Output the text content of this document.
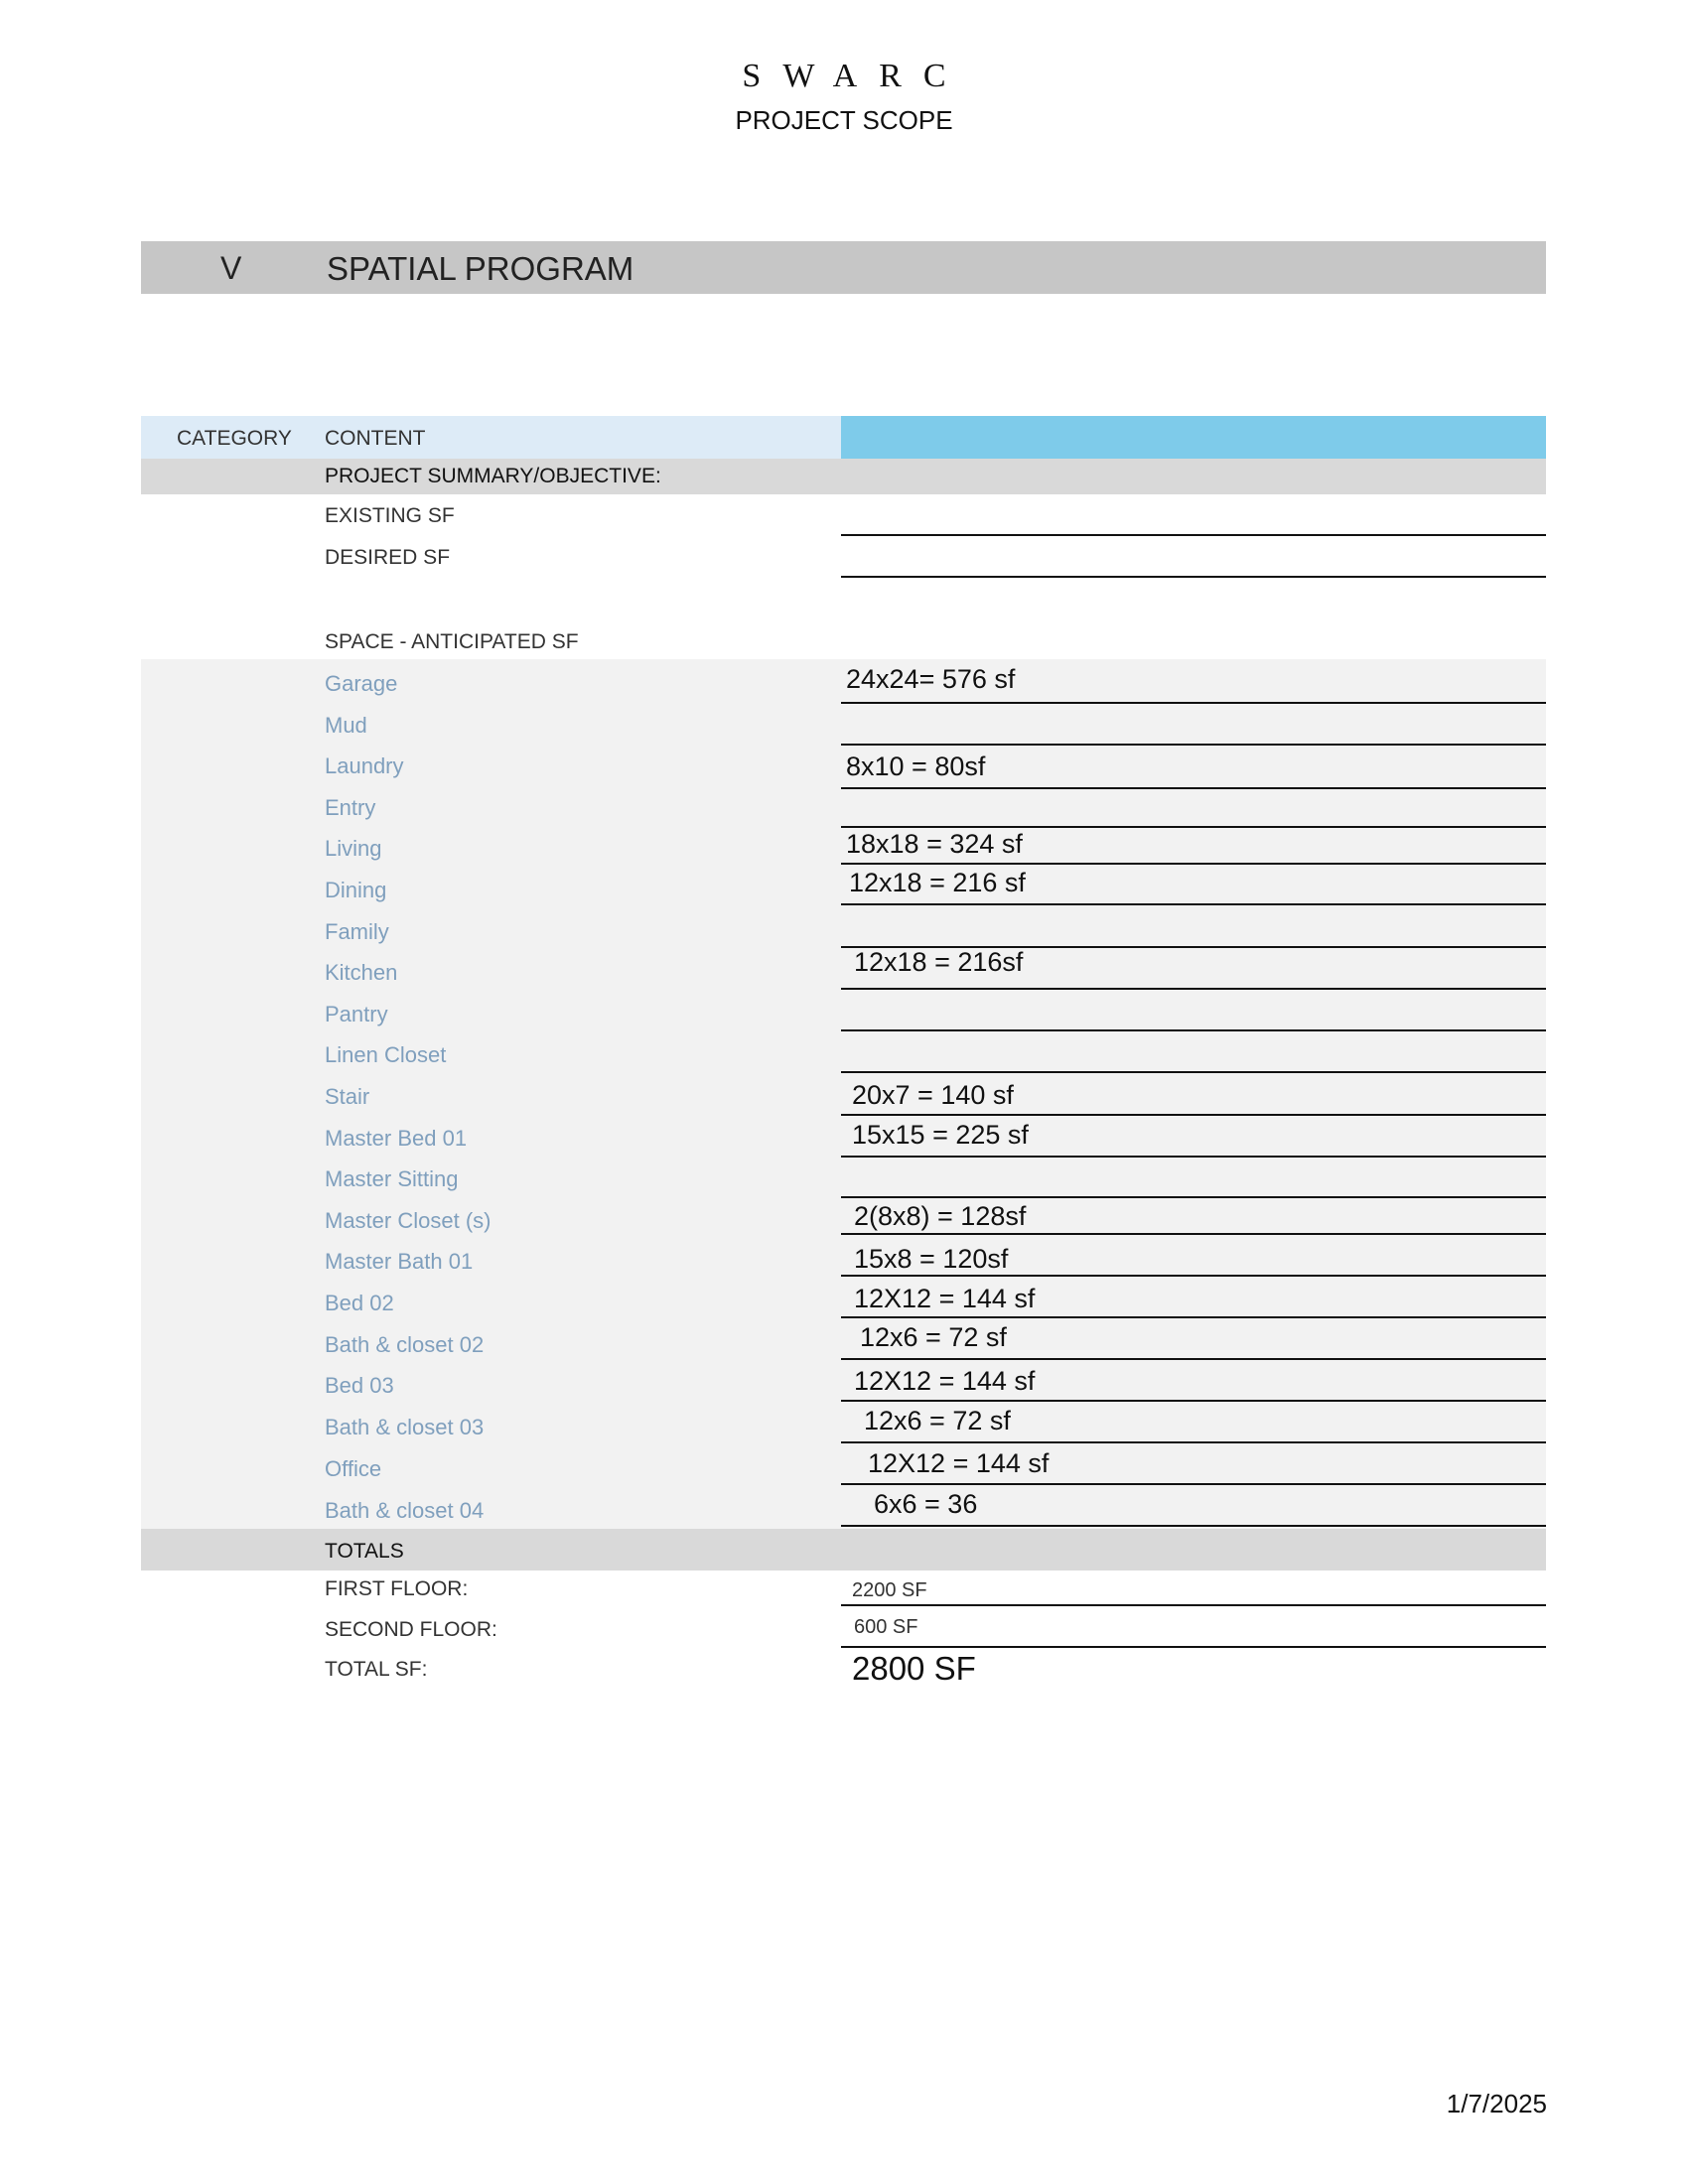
SWARC
PROJECT SCOPE
V	SPATIAL PROGRAM
CATEGORY CONTENT
PROJECT SUMMARY/OBJECTIVE:
EXISTING SF
DESIRED SF
SPACE - ANTICIPATED SF
Garage	24x24= 576 sf
Mud
Laundry	8x10 = 80sf
Entry
Living	18x18 = 324 sf
Dining	12x18 = 216 sf
Family
Kitchen	12x18 = 216sf
Pantry
Linen Closet
Stair	20x7 = 140 sf
Master Bed 01	15x15 = 225 sf
Master Sitting
Master Closet (s)	2(8x8) = 128sf
Master Bath 01	15x8 = 120sf
Bed 02	12X12 = 144 sf
Bath & closet 02	12x6 = 72 sf
Bed 03	12X12 = 144 sf
Bath & closet 03	12x6 = 72 sf
Office	12X12 = 144 sf
Bath & closet 04	6x6 = 36
TOTALS
FIRST FLOOR:	2200 SF
SECOND FLOOR:	600 SF
TOTAL SF:	2800 SF
1/7/2025
